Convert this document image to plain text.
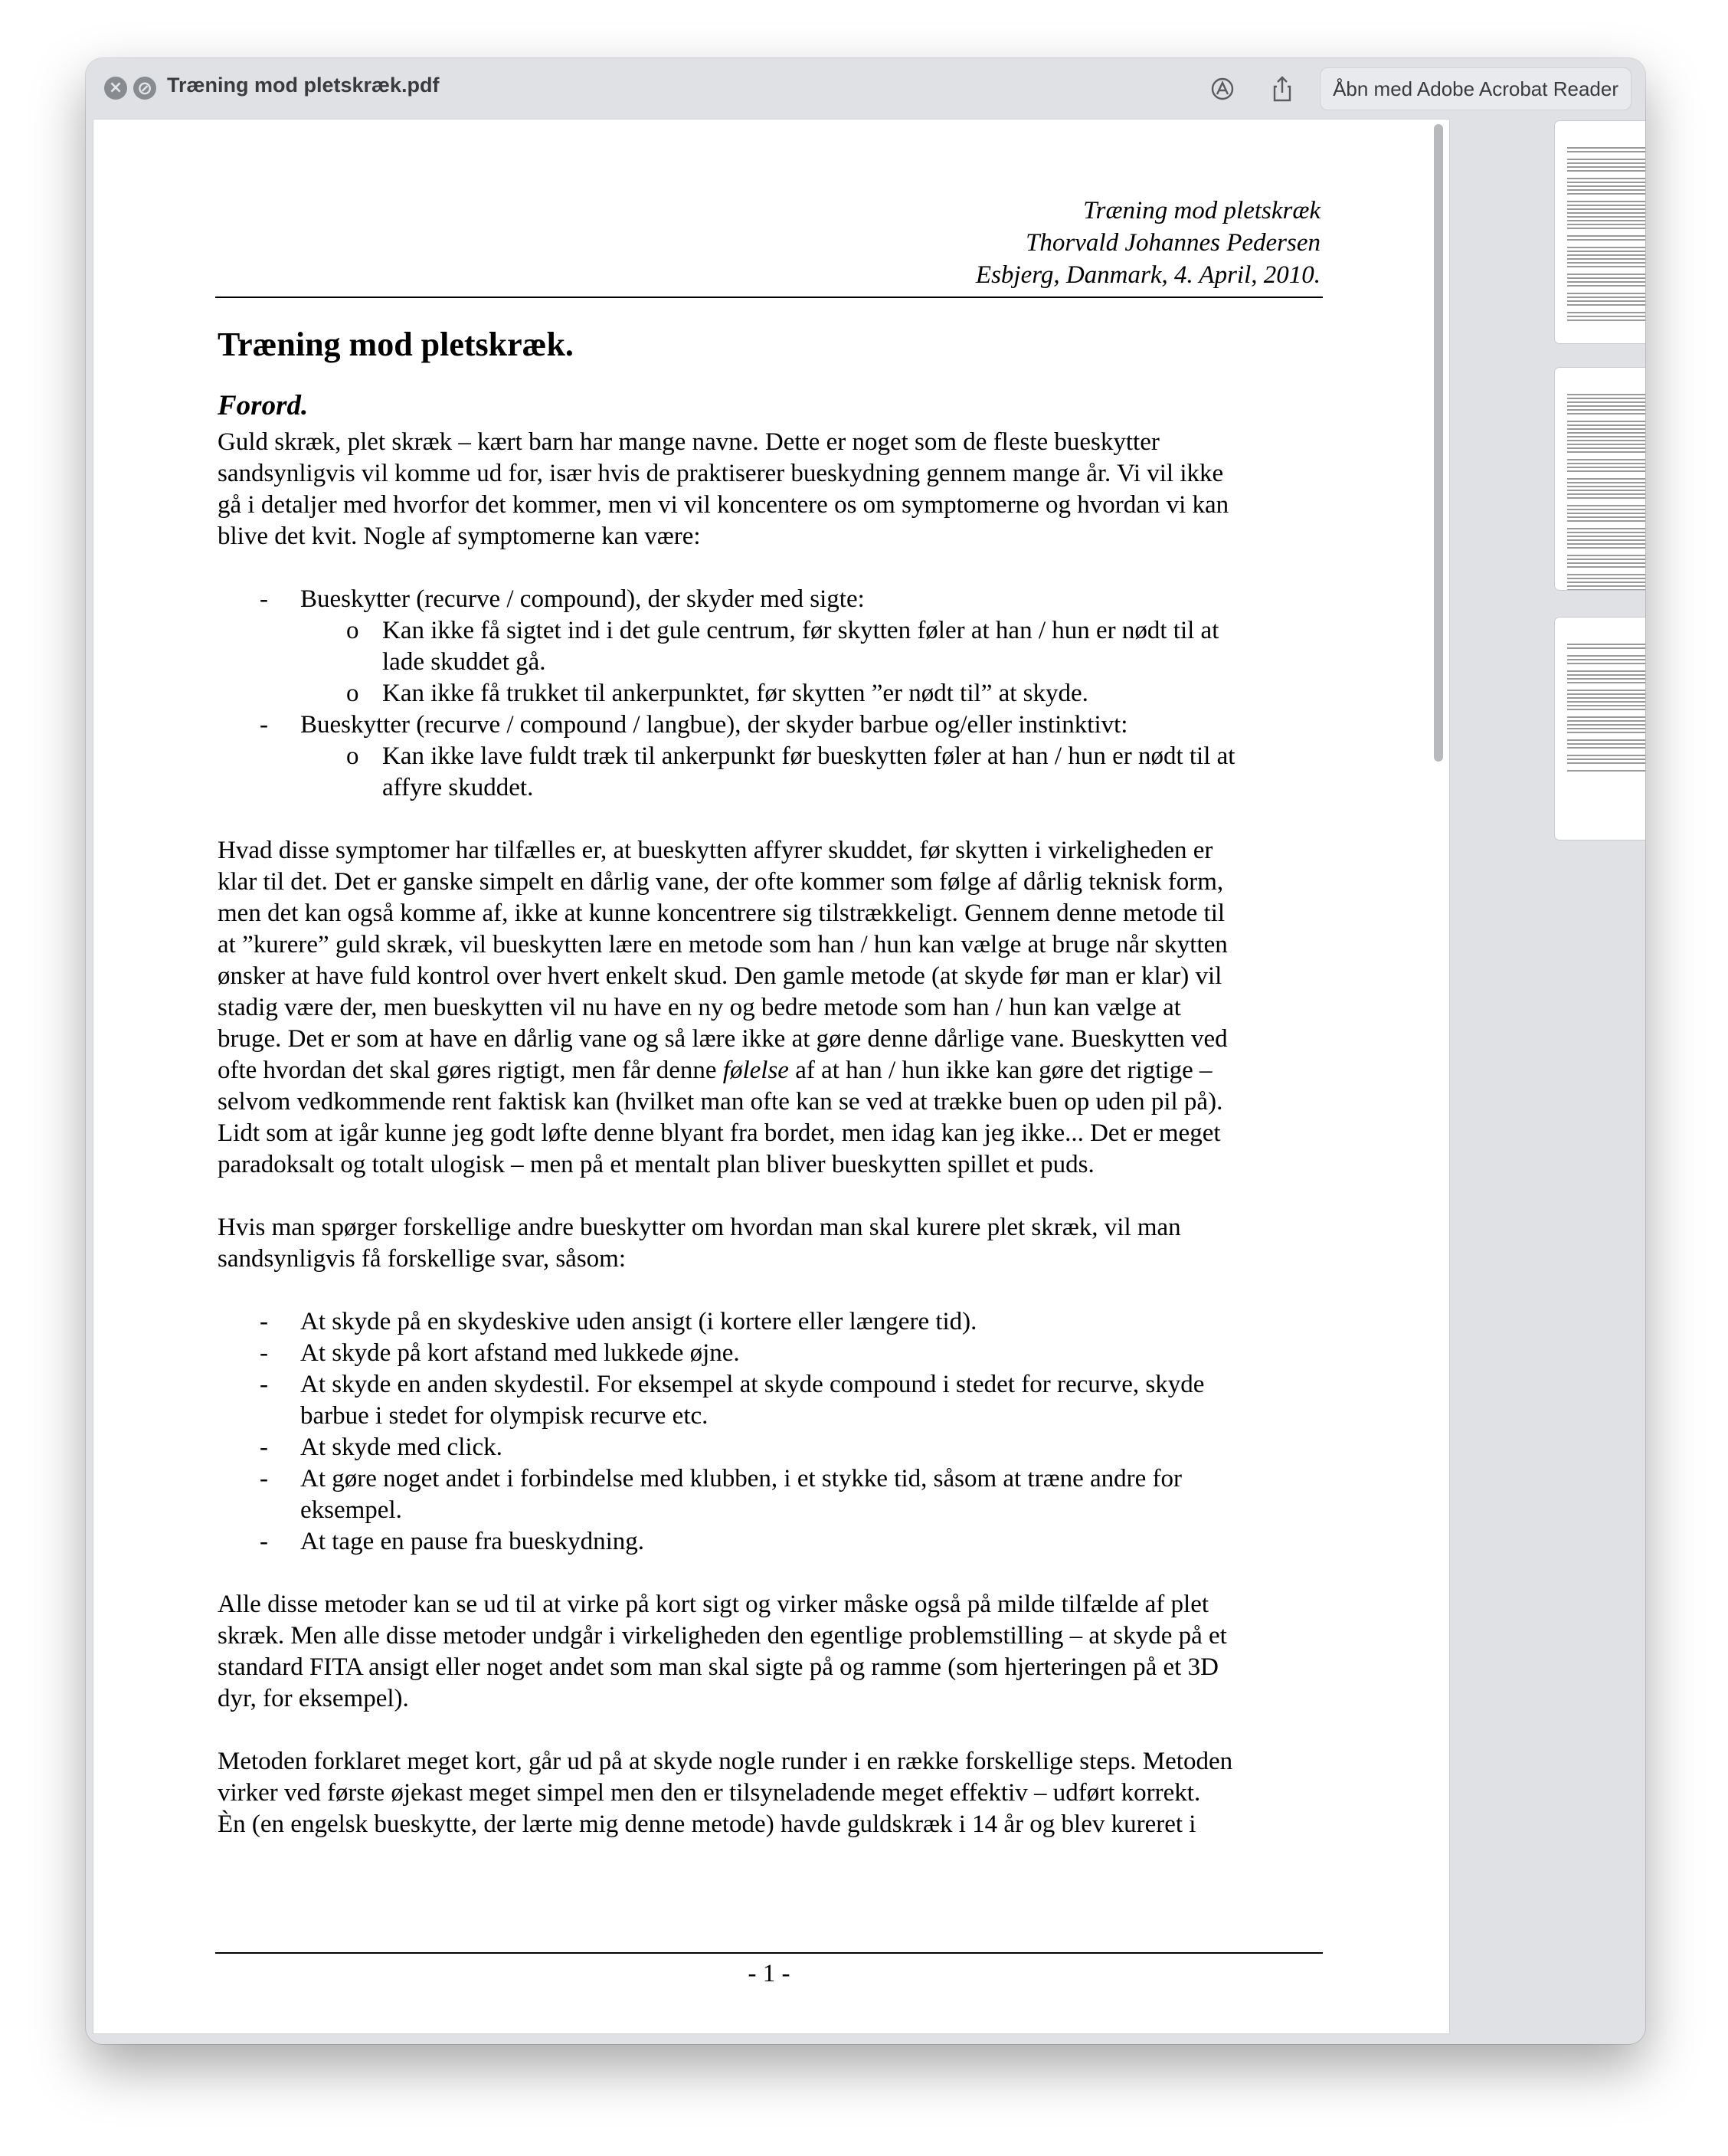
× ⊘ Træning mod pletskræk.pdf	Åbn med Adobe Acrobat Reader
Træning mod pletskræk
Thorvald Johannes Pedersen
Esbjerg, Danmark, 4. April, 2010.
Træning mod pletskræk.
Forord.
Guld skræk, plet skræk – kært barn har mange navne. Dette er noget som de fleste bueskytter
sandsynligvis vil komme ud for, især hvis de praktiserer bueskydning gennem mange år. Vi vil ikke
gå i detaljer med hvorfor det kommer, men vi vil koncentere os om symptomerne og hvordan vi kan
blive det kvit. Nogle af symptomerne kan være:
- Bueskytter (recurve / compound), der skyder med sigte:
o Kan ikke få sigtet ind i det gule centrum, før skytten føler at han / hun er nødt til at
lade skuddet gå.
o Kan ikke få trukket til ankerpunktet, før skytten ”er nødt til” at skyde.
- Bueskytter (recurve / compound / langbue), der skyder barbue og/eller instinktivt:
o Kan ikke lave fuldt træk til ankerpunkt før bueskytten føler at han / hun er nødt til at
affyre skuddet.
Hvad disse symptomer har tilfælles er, at bueskytten affyrer skuddet, før skytten i virkeligheden er
klar til det. Det er ganske simpelt en dårlig vane, der ofte kommer som følge af dårlig teknisk form,
men det kan også komme af, ikke at kunne koncentrere sig tilstrækkeligt. Gennem denne metode til
at ”kurere” guld skræk, vil bueskytten lære en metode som han / hun kan vælge at bruge når skytten
ønsker at have fuld kontrol over hvert enkelt skud. Den gamle metode (at skyde før man er klar) vil
stadig være der, men bueskytten vil nu have en ny og bedre metode som han / hun kan vælge at
bruge. Det er som at have en dårlig vane og så lære ikke at gøre denne dårlige vane. Bueskytten ved
ofte hvordan det skal gøres rigtigt, men får denne følelse af at han / hun ikke kan gøre det rigtige –
selvom vedkommende rent faktisk kan (hvilket man ofte kan se ved at trække buen op uden pil på).
Lidt som at igår kunne jeg godt løfte denne blyant fra bordet, men idag kan jeg ikke... Det er meget
paradoksalt og totalt ulogisk – men på et mentalt plan bliver bueskytten spillet et puds.
Hvis man spørger forskellige andre bueskytter om hvordan man skal kurere plet skræk, vil man
sandsynligvis få forskellige svar, såsom:
- At skyde på en skydeskive uden ansigt (i kortere eller længere tid).
- At skyde på kort afstand med lukkede øjne.
- At skyde en anden skydestil. For eksempel at skyde compound i stedet for recurve, skyde
barbue i stedet for olympisk recurve etc.
- At skyde med click.
- At gøre noget andet i forbindelse med klubben, i et stykke tid, såsom at træne andre for
eksempel.
- At tage en pause fra bueskydning.
Alle disse metoder kan se ud til at virke på kort sigt og virker måske også på milde tilfælde af plet
skræk. Men alle disse metoder undgår i virkeligheden den egentlige problemstilling – at skyde på et
standard FITA ansigt eller noget andet som man skal sigte på og ramme (som hjerteringen på et 3D
dyr, for eksempel).
Metoden forklaret meget kort, går ud på at skyde nogle runder i en række forskellige steps. Metoden
virker ved første øjekast meget simpel men den er tilsyneladende meget effektiv – udført korrekt.
Èn (en engelsk bueskytte, der lærte mig denne metode) havde guldskræk i 14 år og blev kureret i
- 1 -
